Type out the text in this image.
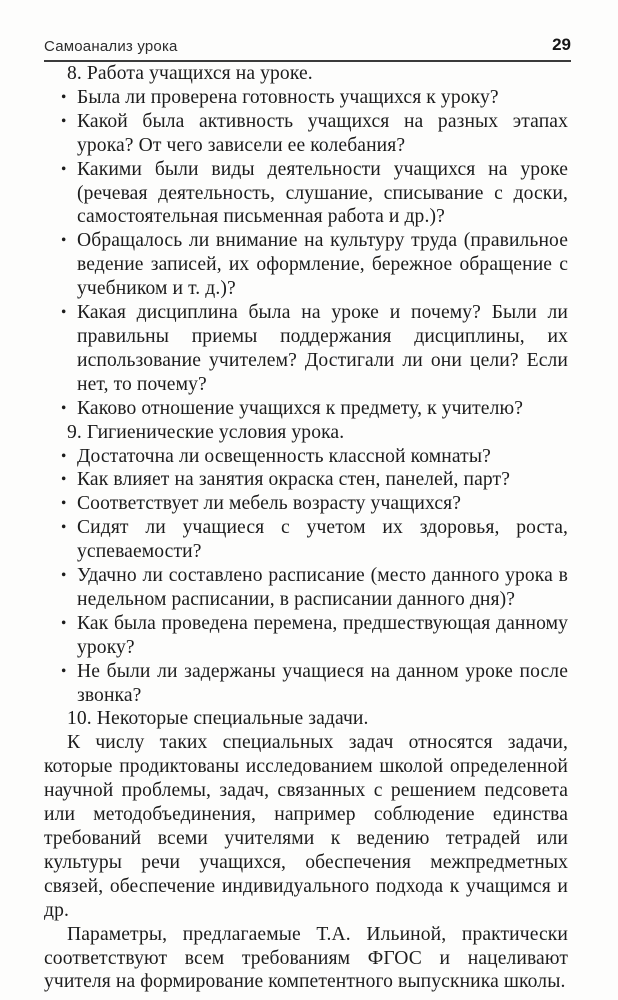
Самоанализ урока	29
8. Работа учащихся на уроке.
• Была ли проверена готовность учащихся к уроку?
• Какой была активность учащихся на разных этапах урока? От чего зависели ее колебания?
• Какими были виды деятельности учащихся на уроке (речевая деятельность, слушание, списывание с доски, самостоятельная письменная работа и др.)?
• Обращалось ли внимание на культуру труда (правильное ведение записей, их оформление, бережное обращение с учебником и т. д.)?
• Какая дисциплина была на уроке и почему? Были ли правильны приемы поддержания дисциплины, их использование учителем? Достигали ли они цели? Если нет, то почему?
• Каково отношение учащихся к предмету, к учителю?
9. Гигиенические условия урока.
• Достаточна ли освещенность классной комнаты?
• Как влияет на занятия окраска стен, панелей, парт?
• Соответствует ли мебель возрасту учащихся?
• Сидят ли учащиеся с учетом их здоровья, роста, успеваемости?
• Удачно ли составлено расписание (место данного урока в недельном расписании, в расписании данного дня)?
• Как была проведена перемена, предшествующая данному уроку?
• Не были ли задержаны учащиеся на данном уроке после звонка?
10. Некоторые специальные задачи.
К числу таких специальных задач относятся задачи, которые продиктованы исследованием школой определенной научной проблемы, задач, связанных с решением педсовета или методобъединения, например соблюдение единства требований всеми учителями к ведению тетрадей или культуры речи учащихся, обеспечения межпредметных связей, обеспечение индивидуального подхода к учащимся и др.
Параметры, предлагаемые Т.А. Ильиной, практически соответствуют всем требованиям ФГОС и нацеливают учителя на формирование компетентного выпускника школы.
